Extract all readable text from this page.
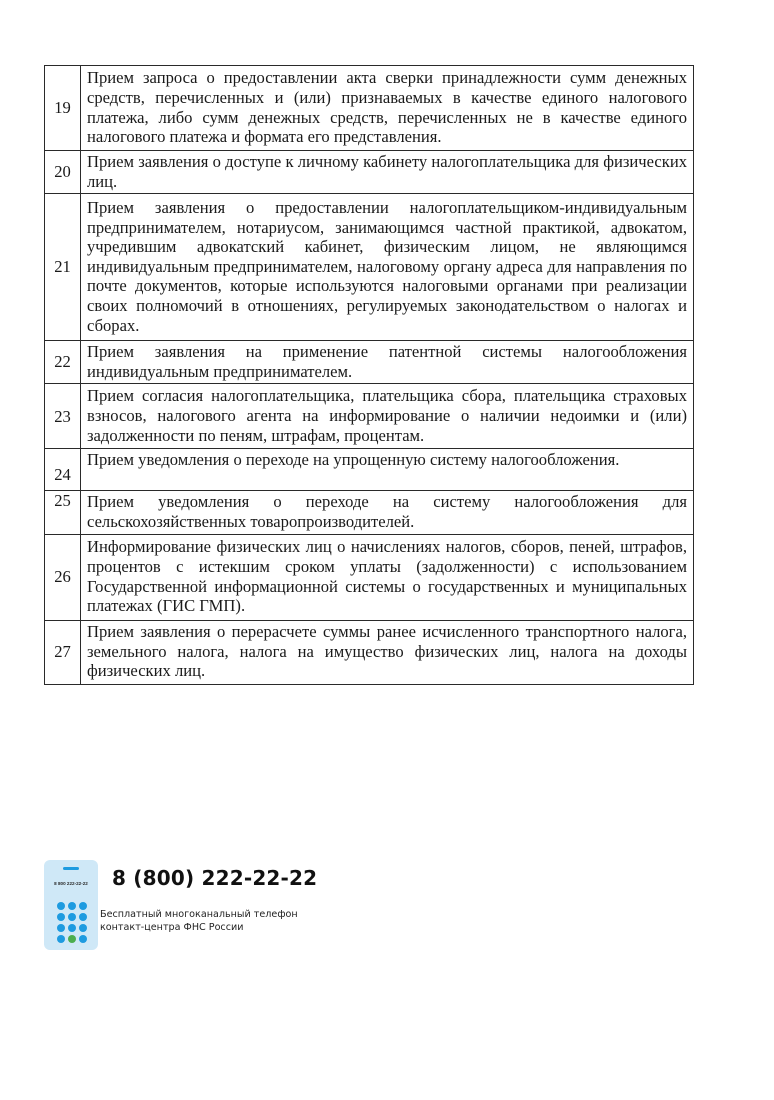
19	Прием запроса о предоставлении акта сверки принадлежности сумм денежных средств, перечисленных и (или) признаваемых в качестве единого налогового платежа, либо сумм денежных средств, перечисленных не в качестве единого налогового платежа и формата его представления.
20	Прием заявления о доступе к личному кабинету налогоплательщика для физических лиц.
21	Прием заявления о предоставлении налогоплательщиком-индивидуальным предпринимателем, нотариусом, занимающимся частной практикой, адвокатом, учредившим адвокатский кабинет, физическим лицом, не являющимся индивидуальным предпринимателем, налоговому органу адреса для направления по почте документов, которые используются налоговыми органами при реализации своих полномочий в отношениях, регулируемых законодательством о налогах и сборах.
22	Прием заявления на применение патентной системы налогообложения индивидуальным предпринимателем.
23	Прием согласия налогоплательщика, плательщика сбора, плательщика страховых взносов, налогового агента на информирование о наличии недоимки и (или) задолженности по пеням, штрафам, процентам.
24	Прием уведомления о переходе на упрощенную систему налогообложения.
25	Прием уведомления о переходе на систему налогообложения для сельскохозяйственных товаропроизводителей.
26	Информирование физических лиц о начислениях налогов, сборов, пеней, штрафов, процентов с истекшим сроком уплаты (задолженности) с использованием Государственной информационной системы о государственных и муниципальных платежах (ГИС ГМП).
27	Прием заявления о перерасчете суммы ранее исчисленного транспортного налога, земельного налога, налога на имущество физических лиц, налога на доходы физических лиц.
8 800 222-22-22	8 (800) 222-22-22
Бесплатный многоканальный телефон
контакт-центра ФНС России
